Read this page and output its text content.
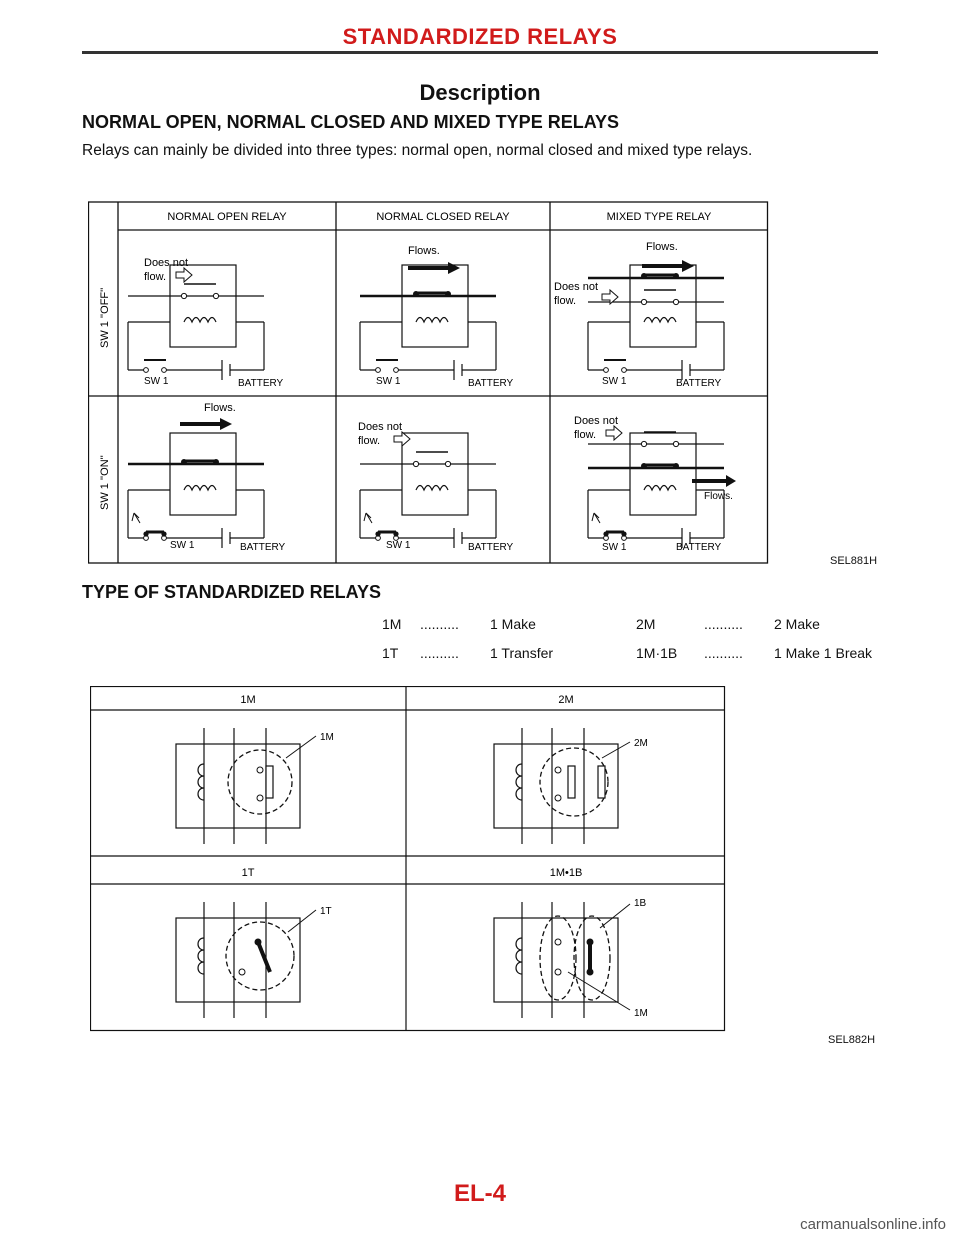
STANDARDIZED RELAYS
Description
NORMAL OPEN, NORMAL CLOSED AND MIXED TYPE RELAYS
Relays can mainly be divided into three types: normal open, normal closed and mixed type relays.
NORMAL OPEN RELAY	NORMAL CLOSED RELAY	MIXED TYPE RELAY
SW 1 ''OFF''
SW 1 ''ON''
Does not
flow.
SW 1	BATTERY
Flows.
SW 1	BATTERY
Flows.
Does not
flow.
SW 1	BATTERY
Flows.
SW 1	BATTERY
Does not
flow.
SW 1	BATTERY
Flows.
Does not
flow.
SW 1	BATTERY
SEL881H
TYPE OF STANDARDIZED RELAYS
1M .......... 1 Make	2M	.......... 2 Make
1T .......... 1 Transfer	1M·1B .......... 1 Make 1 Break
1M	2M
1T	1M•1B
1M
2M
1T
1B
1M
SEL882H
EL-4
carmanualsonline.info
